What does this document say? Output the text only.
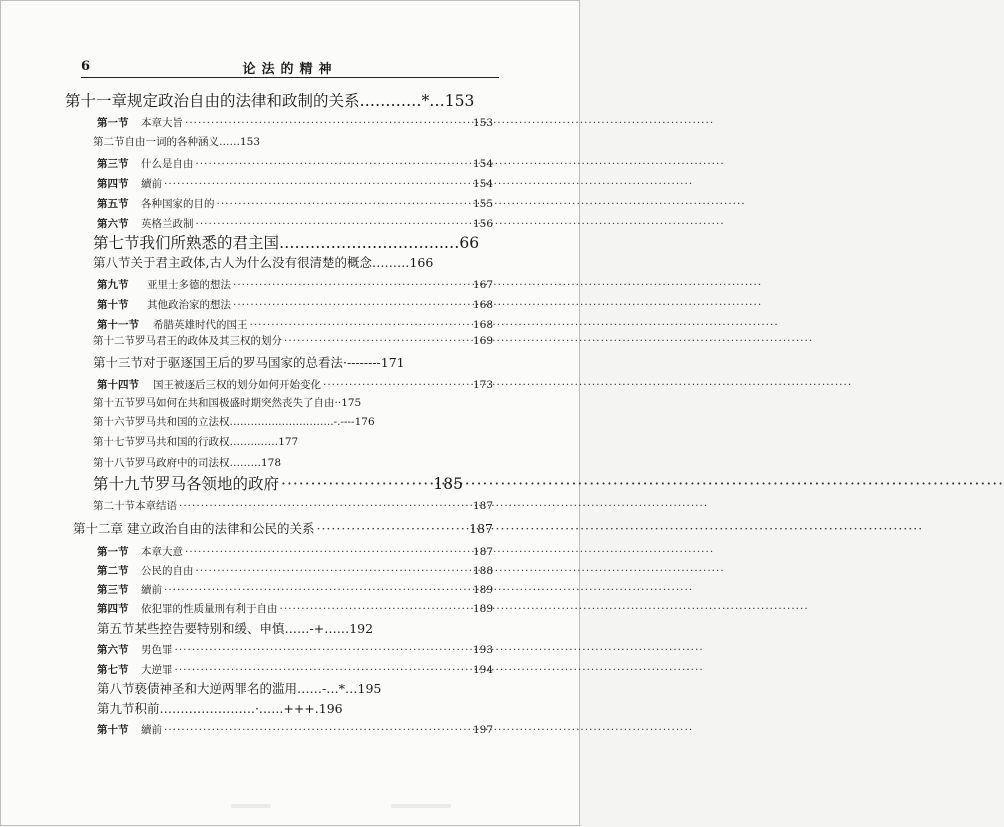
6	论法的精神
第十一章规定政治自由的法律和政制的关系 …………*… 153
第一节 本章大旨 ·····	153
第二节自由一词的各种涵义 …… 153
第三节 什么是自由 ·····	154
第四节 續前 ·····	154
第五节 各种国家的目的 ·····	155
第六节 英格兰政制 ·····	156
第七节我们所熟悉的君主国 …………………………..… 66
第八节关于君主政体,古人为什么没有很清楚的概念 ……… 166
第九节 亚里士多德的想法 ·····	167
第十节 其他政治家的想法 ·····	168
第十一节 希腊英雄时代的国王 ·····	168
第十二节罗马君王的政体及其三权的划分 ·····	169
第十三节对于驱逐国王后的罗马国家的总看法 ·-------- 171
第十四节 国王被逐后三权的划分如何开始变化 ·····	173
第十五节罗马如何在共和国极盛时期突然丧失了自由 ·· 175
第十六节罗马共和国的立法权 …………..……..……..-.---- 176
第十七节罗马共和国的行政权 ……..…… 177
第十八节罗马政府中的司法权 ……… 178
第十九节罗马各领地的政府 ·····	185
第二十节本章结语 ·····	187
第十二章 建立政治自由的法律和公民的关系 ·····	187
第一节 本章大意 ·····	187
第二节 公民的自由 ·····	188
第三节 續前 ·····	189
第四节 依犯罪的性质量刑有利于自由 ·····	189
第五节某些控告要特别和缓、申慎 ……-+…… 192
第六节 男色罪 ·····	193
第七节 大逆罪 ·····	194
第八节亵债神圣和大逆两罪名的滥用 ……-…*… 195
第九节积前 ……………….….·.…..+++. 196
第十节 續前 ·····	197
